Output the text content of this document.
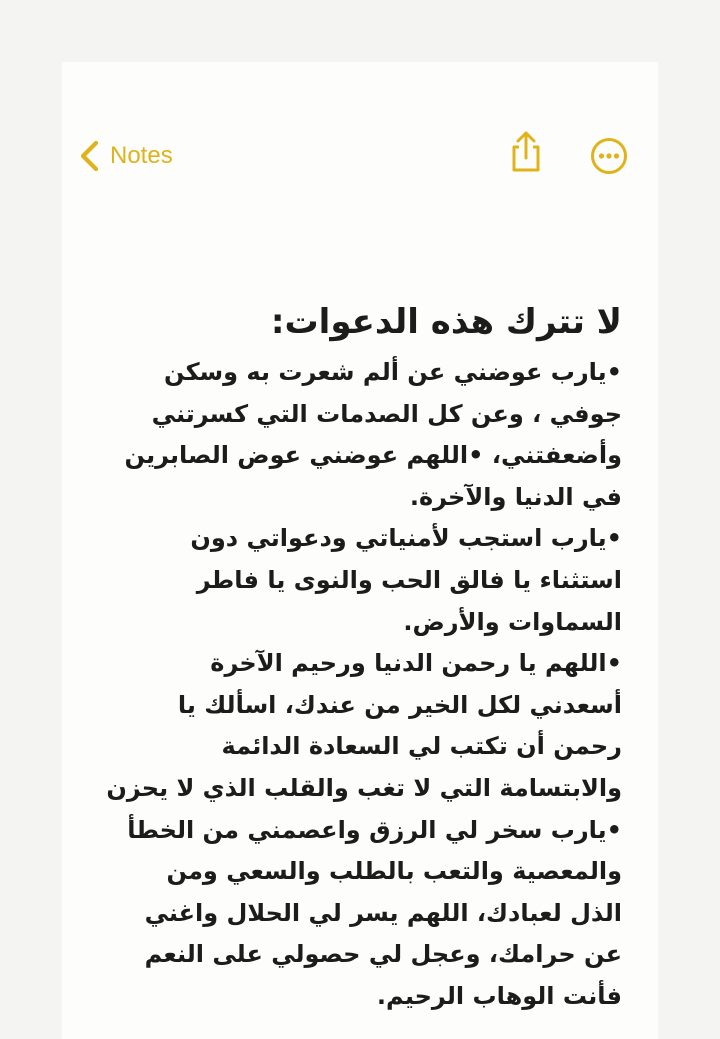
Notes
لا تترك هذه الدعوات:
•يارب عوضني عن ألم شعرت به وسكن
جوفي ، وعن كل الصدمات التي كسرتني
وأضعفتني، •اللهم عوضني عوض الصابرين
في الدنيا والآخرة.
•يارب استجب لأمنياتي ودعواتي دون
استثناء يا فالق الحب والنوى يا فاطر
السماوات والأرض.
•اللهم يا رحمن الدنيا ورحيم الآخرة
أسعدني لكل الخير من عندك، اسألك يا
رحمن أن تكتب لي السعادة الدائمة
والابتسامة التي لا تغب والقلب الذي لا يحزن
•يارب سخر لي الرزق واعصمني من الخطأ
والمعصية والتعب بالطلب والسعي ومن
الذل لعبادك، اللهم يسر لي الحلال واغني
عن حرامك، وعجل لي حصولي على النعم
فأنت الوهاب الرحيم.
